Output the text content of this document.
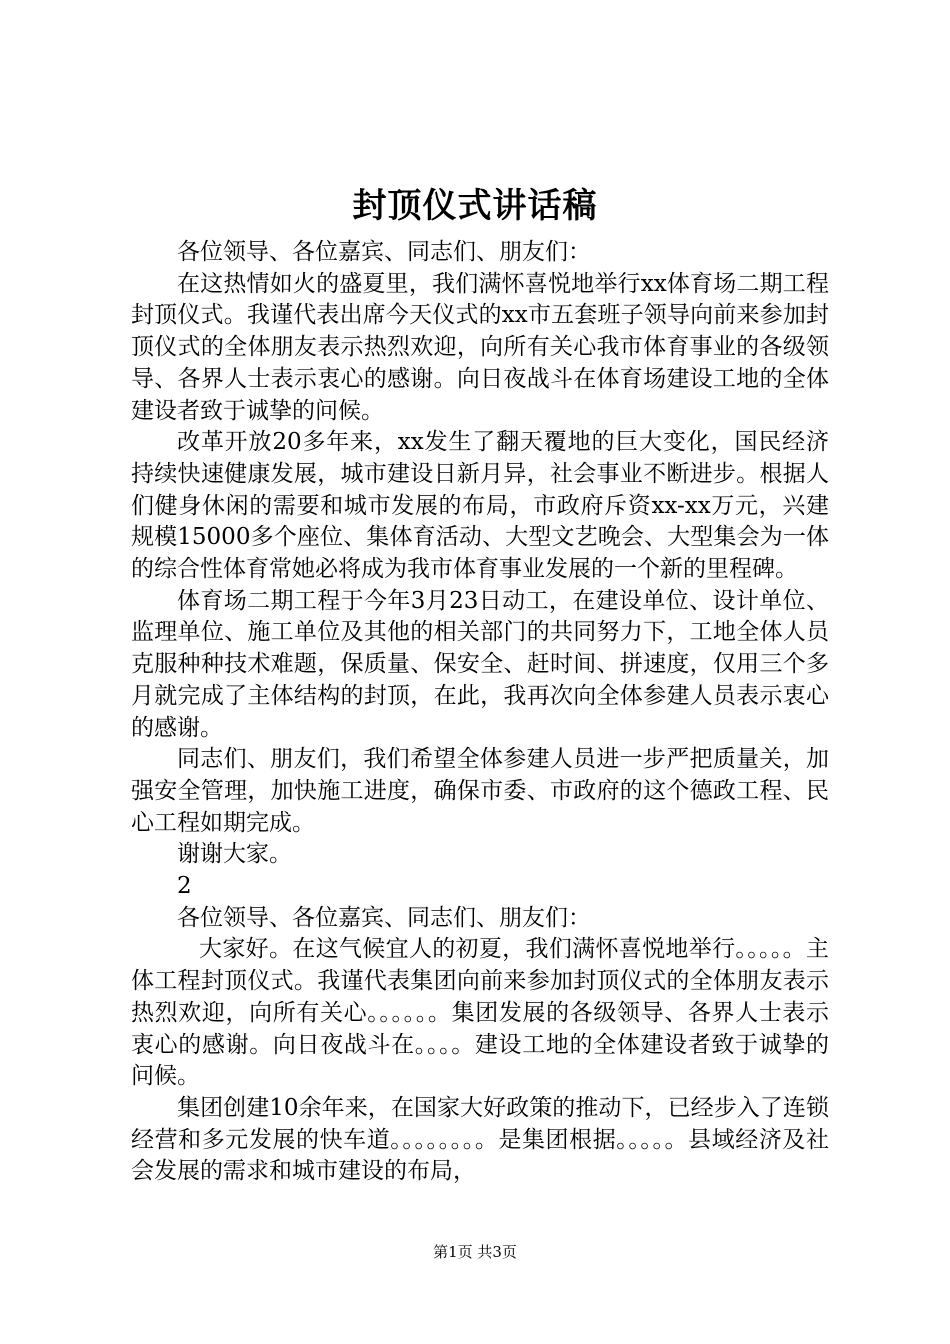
封顶仪式讲话稿

各位领导、各位嘉宾、同志们、朋友们：

在这热情如火的盛夏里，我们满怀喜悦地举行xx体育场二期工程封顶仪式。我谨代表出席今天仪式的xx市五套班子领导向前来参加封顶仪式的全体朋友表示热烈欢迎，向所有关心我市体育事业的各级领导、各界人士表示衷心的感谢。向日夜战斗在体育场建设工地的全体建设者致于诚挚的问候。

改革开放20多年来，xx发生了翻天覆地的巨大变化，国民经济持续快速健康发展，城市建设日新月异，社会事业不断进步。根据人们健身休闲的需要和城市发展的布局，市政府斥资xx-xx万元，兴建规模15000多个座位、集体育活动、大型文艺晚会、大型集会为一体的综合性体育常她必将成为我市体育事业发展的一个新的里程碑。

体育场二期工程于今年3月23日动工，在建设单位、设计单位、监理单位、施工单位及其他的相关部门的共同努力下，工地全体人员克服种种技术难题，保质量、保安全、赶时间、拼速度，仅用三个多月就完成了主体结构的封顶，在此，我再次向全体参建人员表示衷心的感谢。

同志们、朋友们，我们希望全体参建人员进一步严把质量关，加强安全管理，加快施工进度，确保市委、市政府的这个德政工程、民心工程如期完成。

谢谢大家。

2

各位领导、各位嘉宾、同志们、朋友们：

大家好。在这气候宜人的初夏，我们满怀喜悦地举行。。。。。主体工程封顶仪式。我谨代表集团向前来参加封顶仪式的全体朋友表示热烈欢迎，向所有关心。。。。。。集团发展的各级领导、各界人士表示衷心的感谢。向日夜战斗在。。。。建设工地的全体建设者致于诚挚的问候。

集团创建10余年来，在国家大好政策的推动下，已经步入了连锁经营和多元发展的快车道。。。。。。。。是集团根据。。。。。县域经济及社会发展的需求和城市建设的布局，

第1页 共3页
